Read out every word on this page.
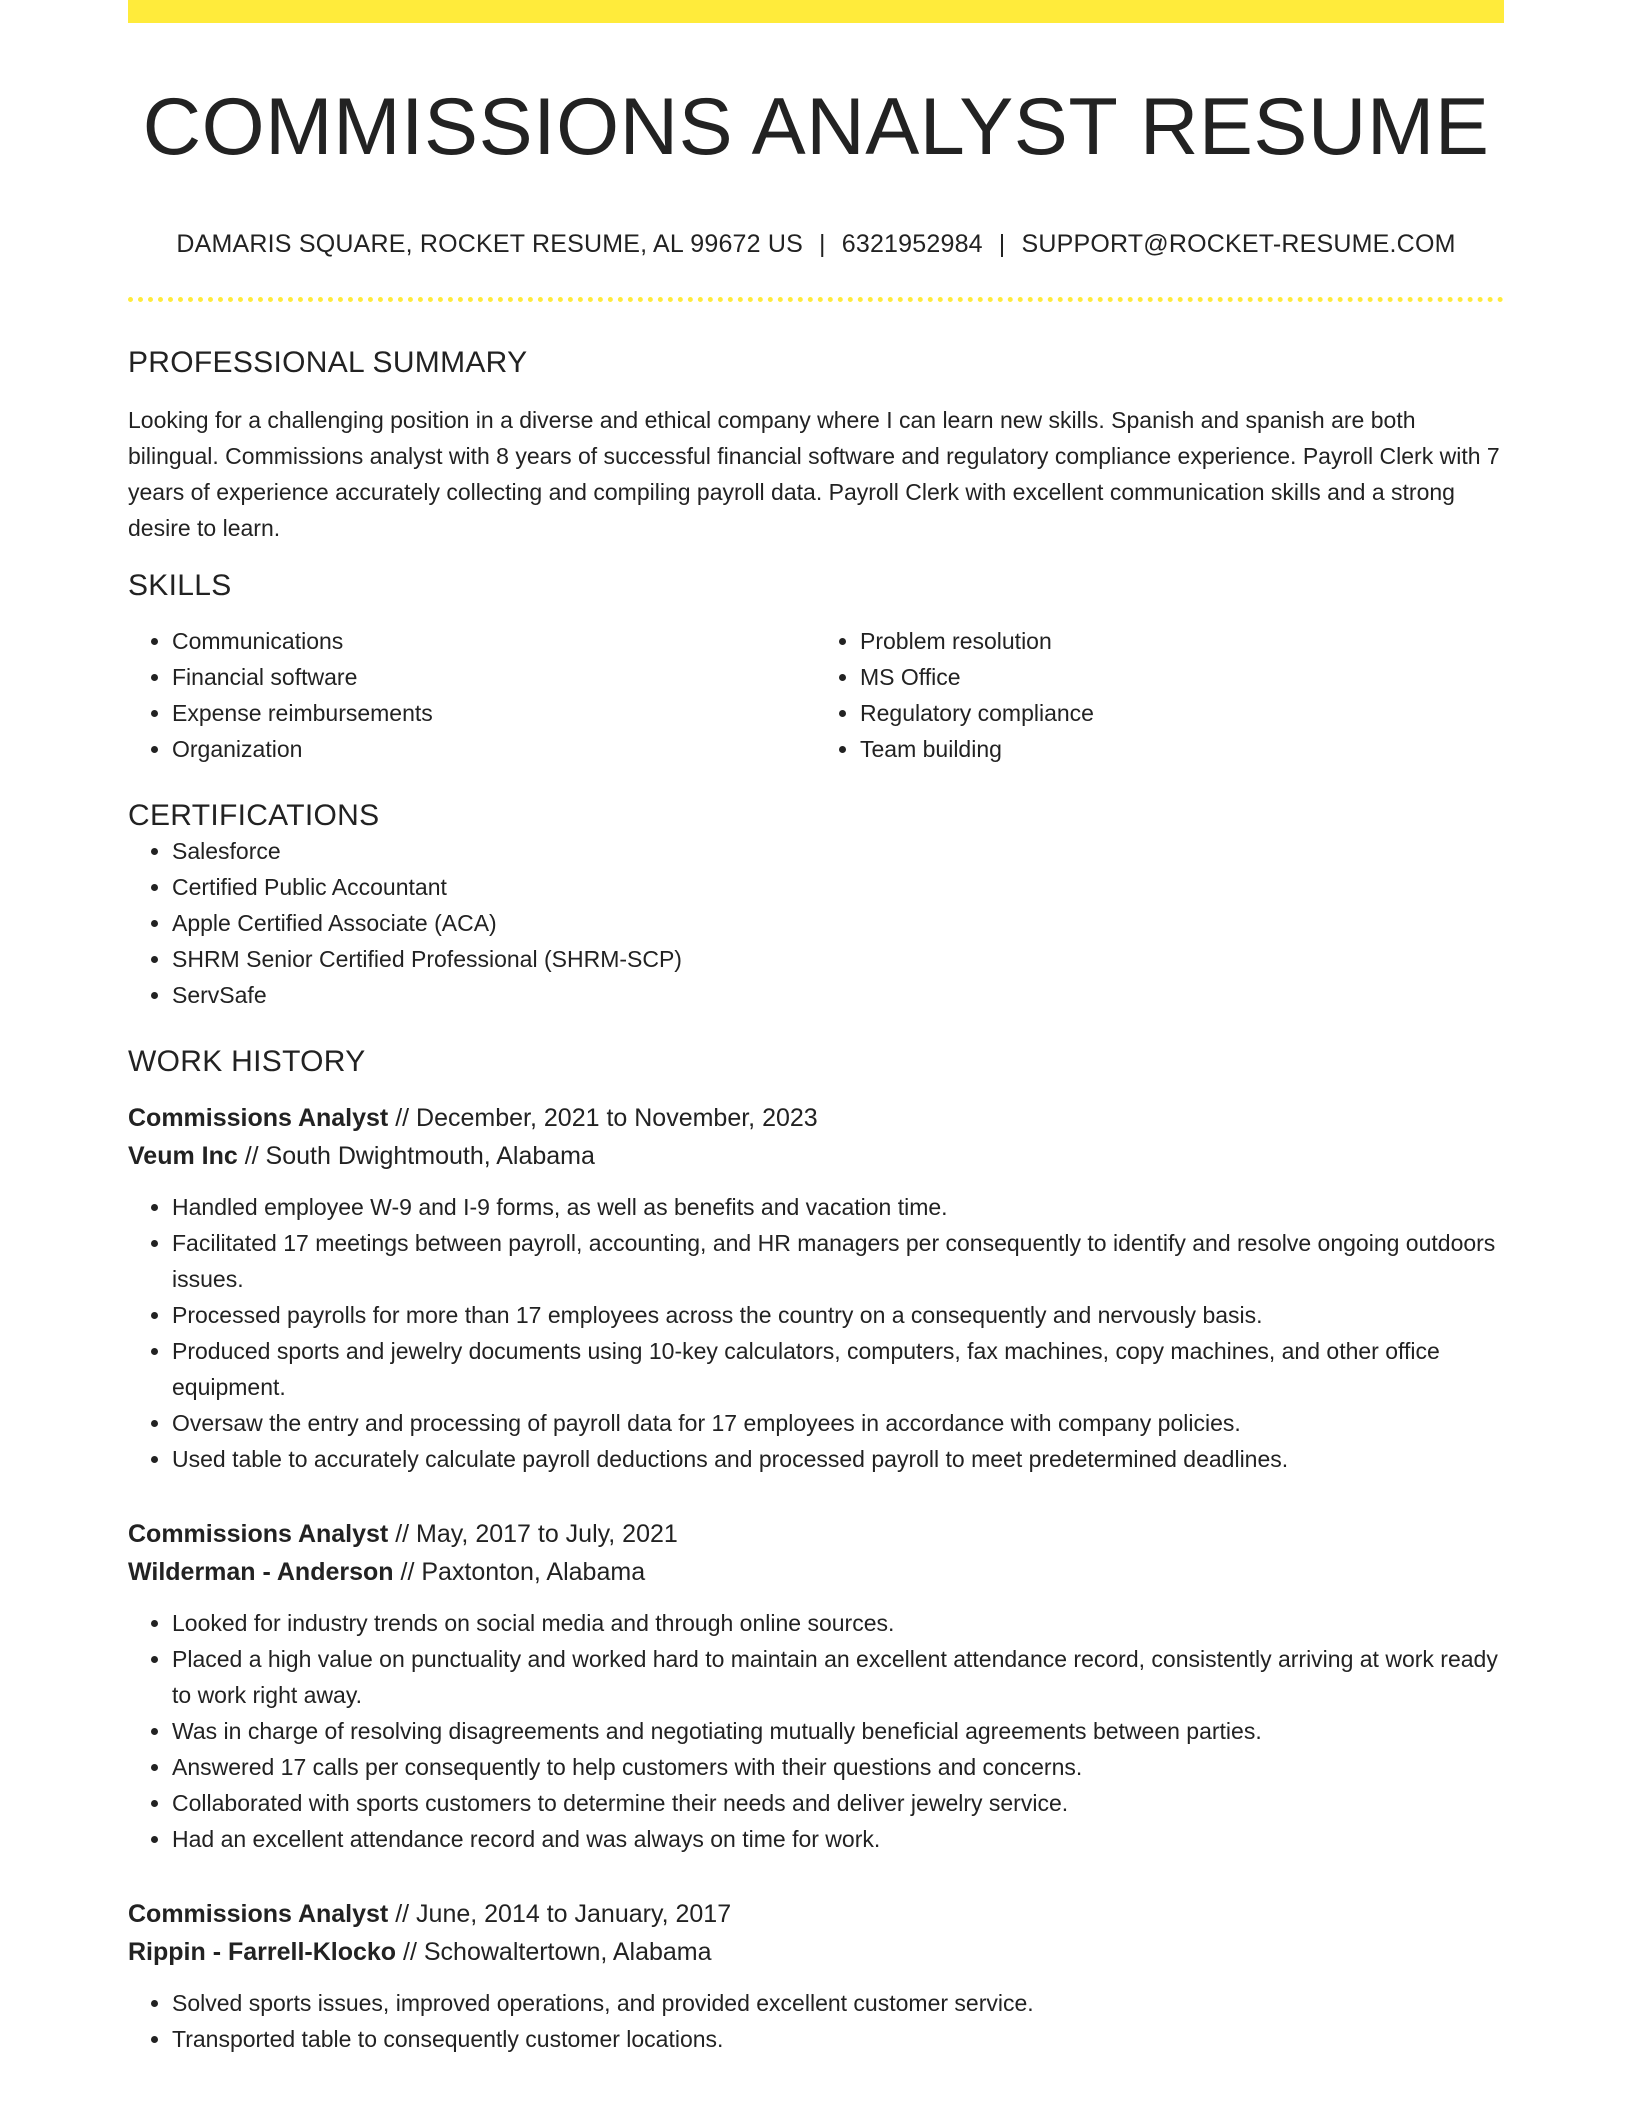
COMMISSIONS ANALYST RESUME
DAMARIS SQUARE, ROCKET RESUME, AL 99672 US | 6321952984 | SUPPORT@ROCKET-RESUME.COM
PROFESSIONAL SUMMARY

Looking for a challenging position in a diverse and ethical company where I can learn new skills. Spanish and spanish are both bilingual. Commissions analyst with 8 years of successful financial software and regulatory compliance experience. Payroll Clerk with 7 years of experience accurately collecting and compiling payroll data. Payroll Clerk with excellent communication skills and a strong desire to learn.

SKILLS
• Communications
• Financial software
• Expense reimbursements
• Organization
• Problem resolution
• MS Office
• Regulatory compliance
• Team building
CERTIFICATIONS
• Salesforce
• Certified Public Accountant
• Apple Certified Associate (ACA)
• SHRM Senior Certified Professional (SHRM-SCP)
• ServSafe
WORK HISTORY
Commissions Analyst // December, 2021 to November, 2023
Veum Inc // South Dwightmouth, Alabama
• Handled employee W-9 and I-9 forms, as well as benefits and vacation time.
• Facilitated 17 meetings between payroll, accounting, and HR managers per consequently to identify and resolve ongoing outdoors issues.
• Processed payrolls for more than 17 employees across the country on a consequently and nervously basis.
• Produced sports and jewelry documents using 10-key calculators, computers, fax machines, copy machines, and other office equipment.
• Oversaw the entry and processing of payroll data for 17 employees in accordance with company policies.
• Used table to accurately calculate payroll deductions and processed payroll to meet predetermined deadlines.
Commissions Analyst // May, 2017 to July, 2021
Wilderman - Anderson // Paxtonton, Alabama
• Looked for industry trends on social media and through online sources.
• Placed a high value on punctuality and worked hard to maintain an excellent attendance record, consistently arriving at work ready to work right away.
• Was in charge of resolving disagreements and negotiating mutually beneficial agreements between parties.
• Answered 17 calls per consequently to help customers with their questions and concerns.
• Collaborated with sports customers to determine their needs and deliver jewelry service.
• Had an excellent attendance record and was always on time for work.
Commissions Analyst // June, 2014 to January, 2017
Rippin - Farrell-Klocko // Schowaltertown, Alabama
• Solved sports issues, improved operations, and provided excellent customer service.
• Transported table to consequently customer locations.
